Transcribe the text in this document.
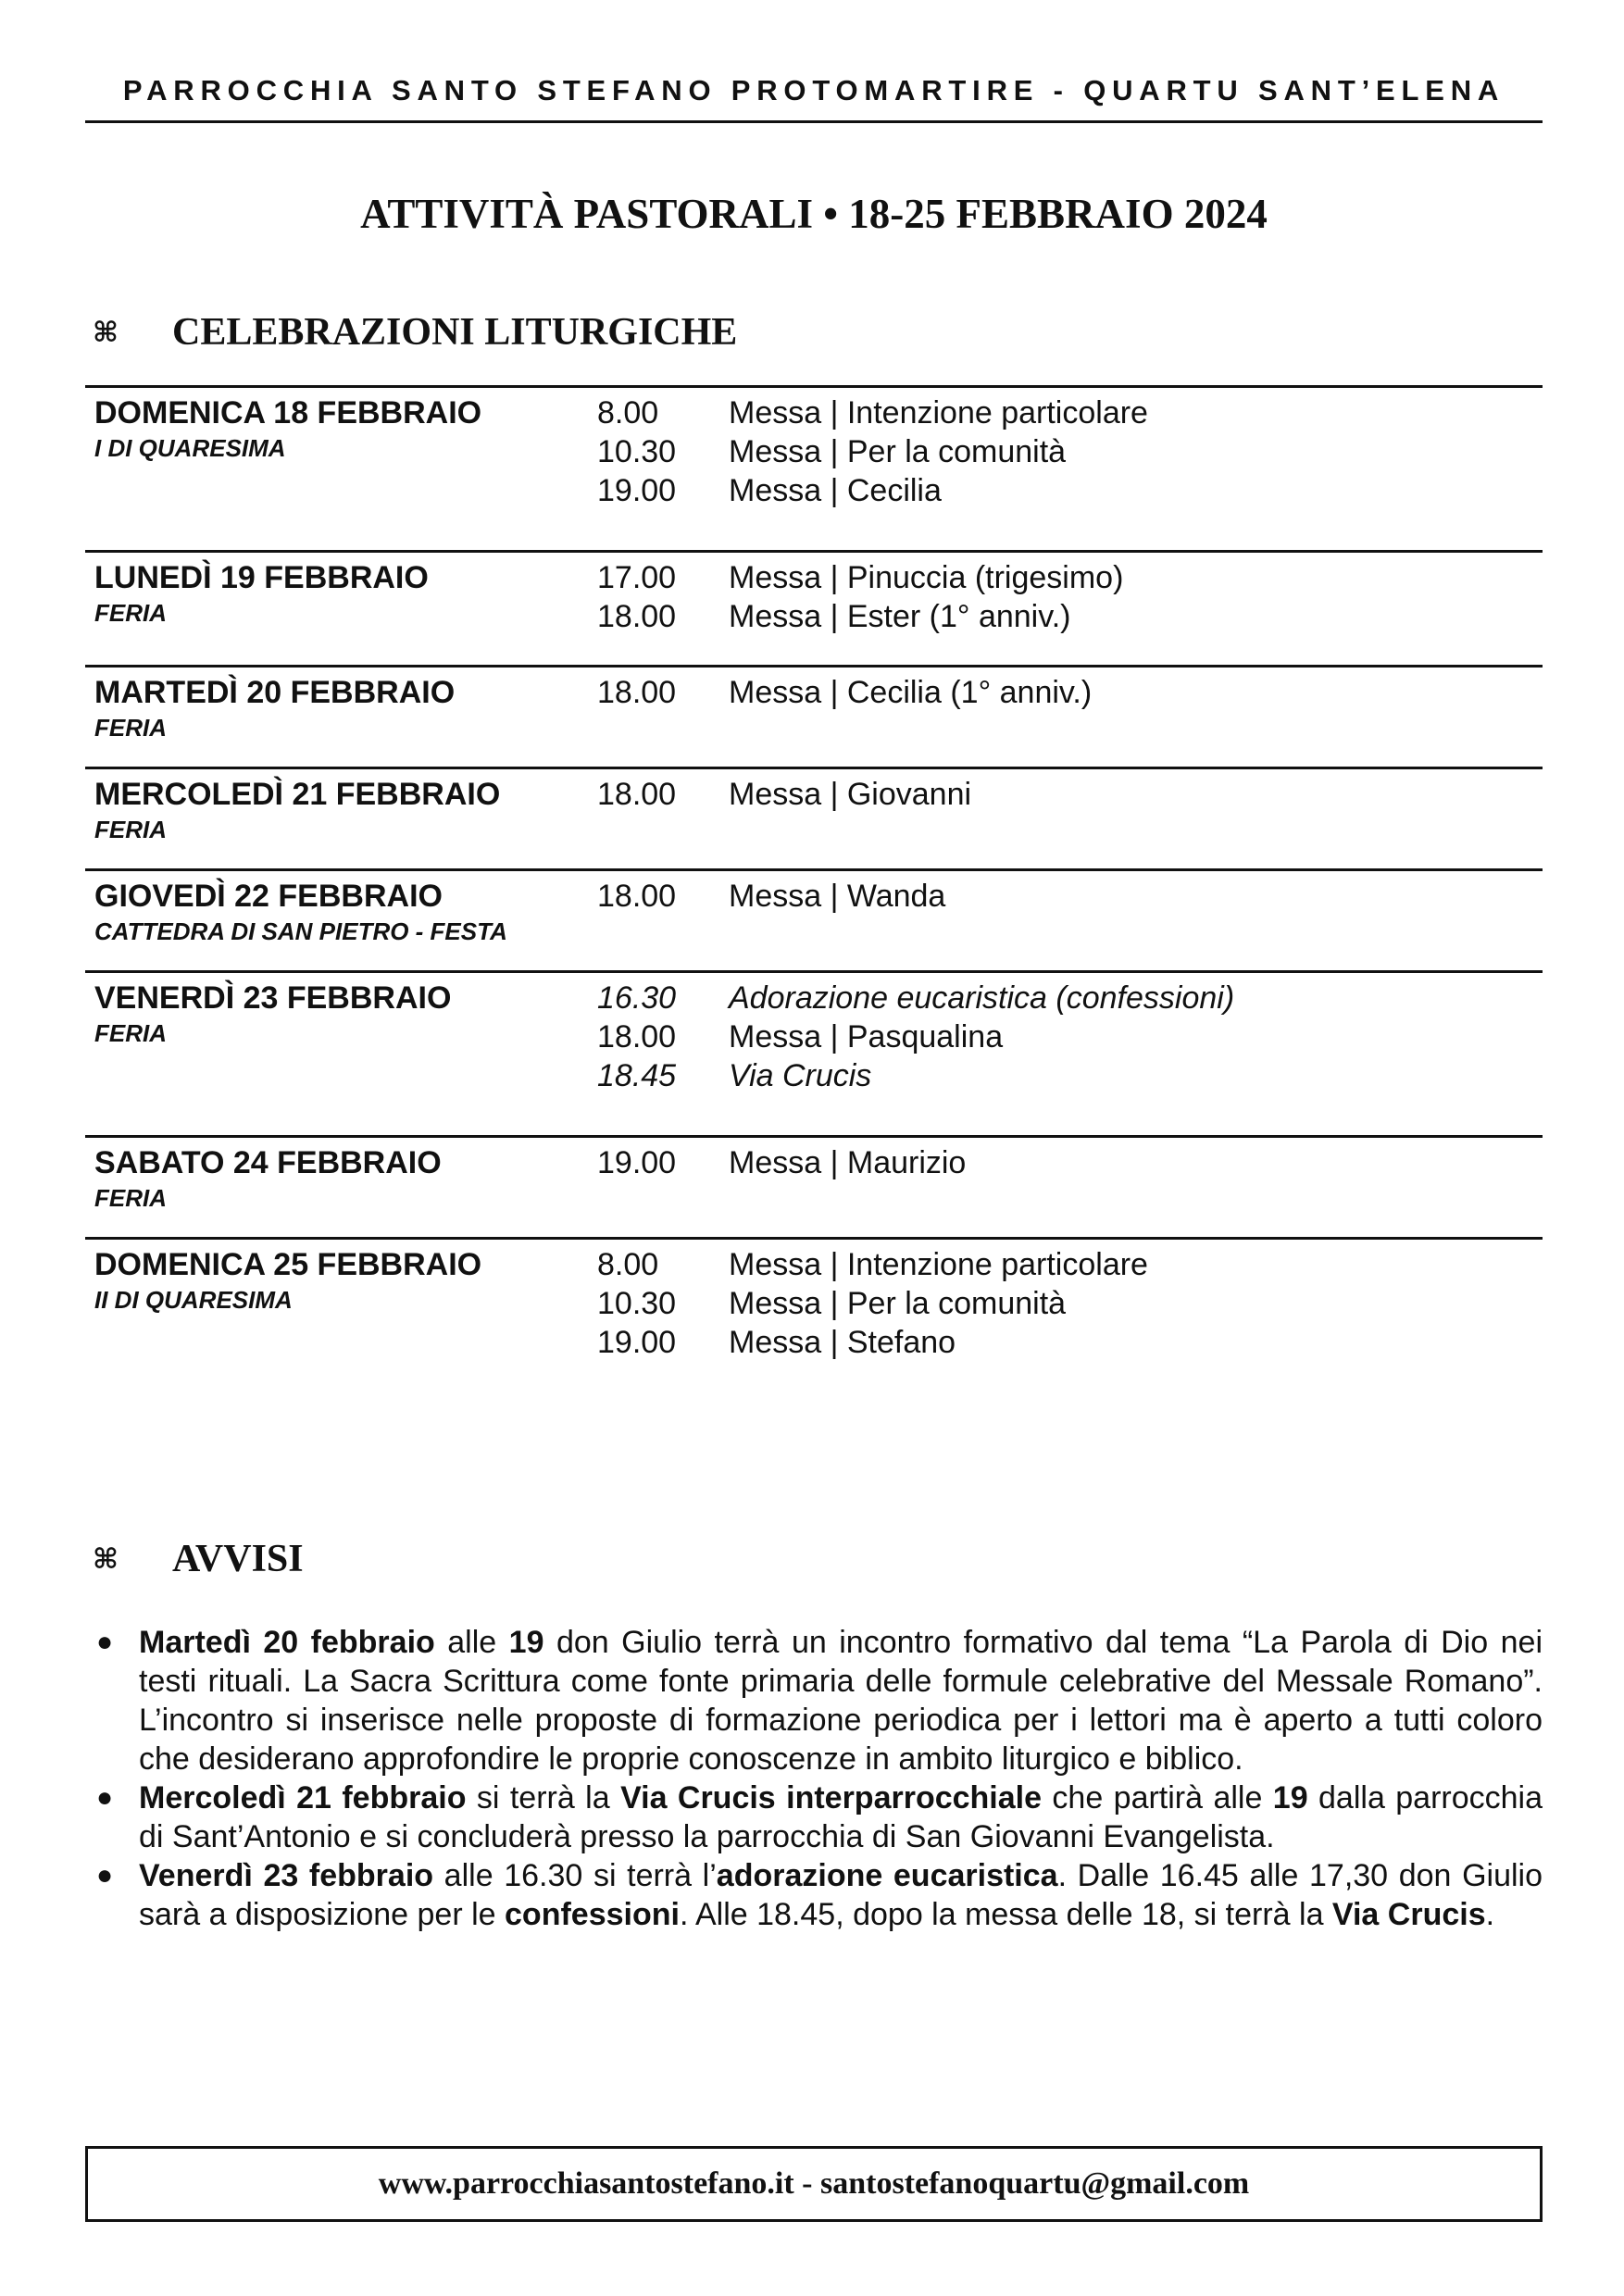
PARROCCHIA SANTO STEFANO PROTOMARTIRE - QUARTU SANT’ELENA
ATTIVITÀ PASTORALI • 18-25 FEBBRAIO 2024
⌘	CELEBRAZIONI LITURGICHE
DOMENICA 18 FEBBRAIO
I DI QUARESIMA
8.00	Messa | Intenzione particolare
10.30	Messa | Per la comunità
19.00	Messa | Cecilia
LUNEDÌ 19 FEBBRAIO
FERIA
17.00	Messa | Pinuccia (trigesimo)
18.00	Messa | Ester (1° anniv.)
MARTEDÌ 20 FEBBRAIO
FERIA
18.00	Messa | Cecilia (1° anniv.)
MERCOLEDÌ 21 FEBBRAIO
FERIA
18.00	Messa | Giovanni
GIOVEDÌ 22 FEBBRAIO
CATTEDRA DI SAN PIETRO - FESTA
18.00	Messa | Wanda
VENERDÌ 23 FEBBRAIO
FERIA
16.30	Adorazione eucaristica (confessioni)
18.00	Messa | Pasqualina
18.45	Via Crucis
SABATO 24 FEBBRAIO
FERIA
19.00	Messa | Maurizio
DOMENICA 25 FEBBRAIO
II DI QUARESIMA
8.00	Messa | Intenzione particolare
10.30	Messa | Per la comunità
19.00	Messa | Stefano
⌘	AVVISI
● Martedì 20 febbraio alle 19 don Giulio terrà un incontro formativo dal tema “La Parola di Dio nei testi rituali. La Sacra Scrittura come fonte primaria delle formule celebrative del Messale Romano”. L’incontro si inserisce nelle proposte di formazione periodica per i lettori ma è aperto a tutti coloro che desiderano approfondire le proprie conoscenze in ambito liturgico e biblico.
● Mercoledì 21 febbraio si terrà la Via Crucis interparrocchiale che partirà alle 19 dalla parrocchia di Sant’Antonio e si concluderà presso la parrocchia di San Giovanni Evangelista.
● Venerdì 23 febbraio alle 16.30 si terrà l’adorazione eucaristica. Dalle 16.45 alle 17,30 don Giulio sarà a disposizione per le confessioni. Alle 18.45, dopo la messa delle 18, si terrà la Via Crucis.
www.parrocchiasantostefano.it - santostefanoquartu@gmail.com
